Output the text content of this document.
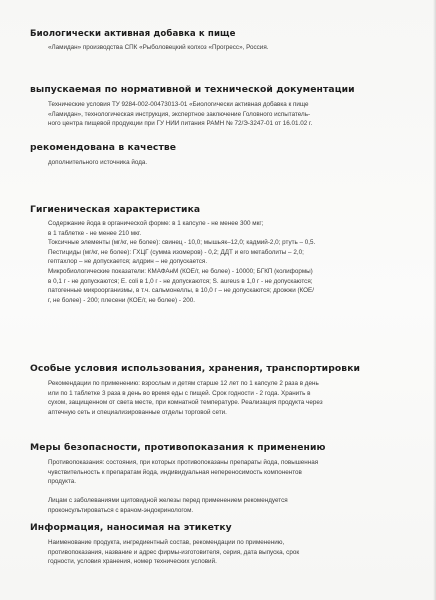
Биологически активная добавка к пище
«Ламидан» производства СПК «Рыболовецкий колхоз «Прогресс», Россия.
выпускаемая по нормативной и технической документации
Технические условия ТУ 9284-002-00473013-01 «Биологически активная добавка к пище
«Ламидан», технологическая инструкция, экспертное заключение Головного испытатель-
ного центра пищевой продукции при ГУ НИИ питания РАМН № 72/Э-3247-01 от 16.01.02 г.
рекомендована в качестве
дополнительного источника йода.
Гигиеническая характеристика
Содержание йода в органической форме: в 1 капсуле - не менее 300 мкг;
в 1 таблетке - не менее 210 мкг.
Токсичные элементы (мг/кг, не более): свинец - 10,0; мышьяк–12,0; кадмий-2,0; ртуть – 0,5.
Пестициды (мг/кг, не более): ГХЦГ (сумма изомеров) - 0,2; ДДТ и его метаболиты – 2,0;
гептахлор – не допускается; алдрин – не допускается.
Микробиологические показатели: КМАФАнМ (КОЕ/г, не более) - 10000; БГКП (колиформы)
в 0,1 г - не допускаются; E. coli в 1,0 г - не допускаются; S. aureus в 1,0 г - не допускаются;
патогенные микроорганизмы, в т.ч. сальмонеллы, в 10,0 г – не допускаются; дрожжи (КОЕ/
г, не более) - 200; плесени (КОЕ/г, не более) - 200.
Особые условия использования, хранения, транспортировки
Рекомендации по применению: взрослым и детям старше 12 лет по 1 капсуле 2 раза в день
или по 1 таблетке 3 раза в день во время еды с пищей. Срок годности - 2 года. Хранить в
сухом, защищенном от света месте, при комнатной температуре. Реализация продукта через
аптечную сеть и специализированные отделы торговой сети.
Меры безопасности, противопоказания к применению
Противопоказания: состояния, при которых противопоказаны препараты йода, повышенная
чувствительность к препаратам йода, индивидуальная непереносимость компонентов
продукта.
Лицам с заболеваниями щитовидной железы перед применением рекомендуется
проконсультироваться с врачом-эндокринологом.
Информация, наносимая на этикетку
Наименование продукта, ингредиентный состав, рекомендации по применению,
противопоказания, название и адрес фирмы-изготовителя, серия, дата выпуска, срок
годности, условия хранения, номер технических условий.
